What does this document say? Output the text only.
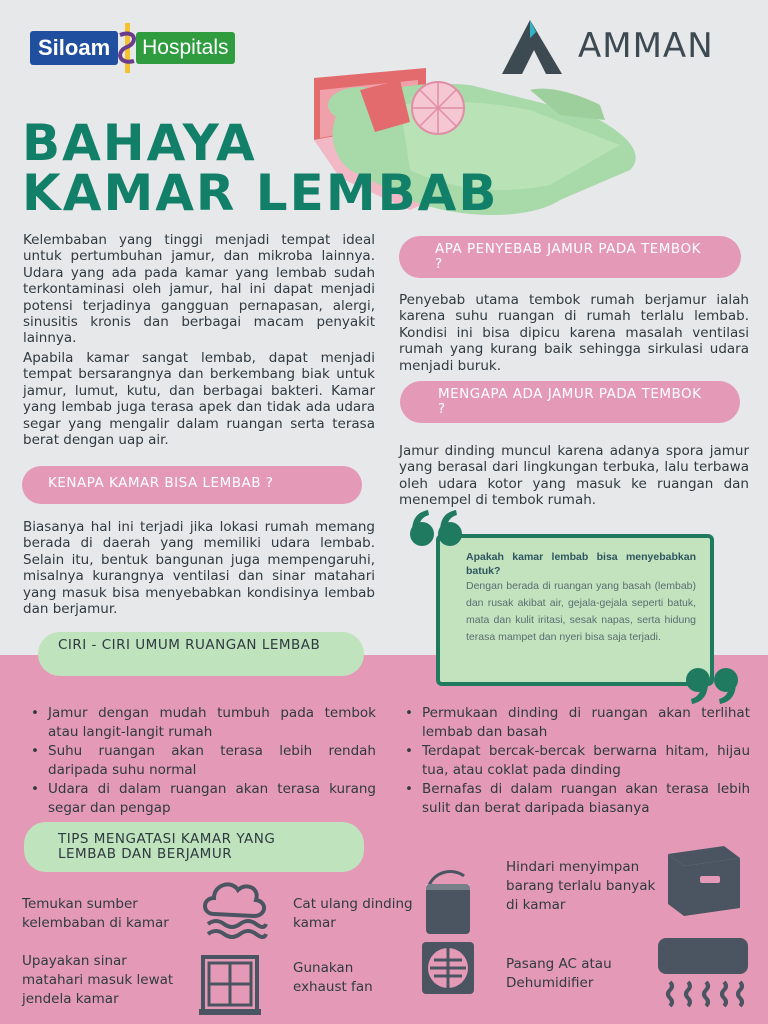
Siloam	Hospitals	AMMAN
BAHAYA
KAMAR LEMBAB

Kelembaban yang tinggi menjadi tempat ideal untuk pertumbuhan jamur, dan mikroba lainnya. Udara yang ada pada kamar yang lembab sudah terkontaminasi oleh jamur, hal ini dapat menjadi potensi terjadinya gangguan pernapasan, alergi, sinusitis kronis dan berbagai macam penyakit lainnya.

Apabila kamar sangat lembab, dapat menjadi tempat bersarangnya dan berkembang biak untuk jamur, lumut, kutu, dan berbagai bakteri. Kamar yang lembab juga terasa apek dan tidak ada udara segar yang mengalir dalam ruangan serta terasa berat dengan uap air.

KENAPA KAMAR BISA LEMBAB ?

Biasanya hal ini terjadi jika lokasi rumah memang berada di daerah yang memiliki udara lembab. Selain itu, bentuk bangunan juga mempengaruhi, misalnya kurangnya ventilasi dan sinar matahari yang masuk bisa menyebabkan kondisinya lembab dan berjamur.

APA PENYEBAB JAMUR PADA TEMBOK ?

Penyebab utama tembok rumah berjamur ialah karena suhu ruangan di rumah terlalu lembab. Kondisi ini bisa dipicu karena masalah ventilasi rumah yang kurang baik sehingga sirkulasi udara menjadi buruk.

MENGAPA ADA JAMUR PADA TEMBOK ?

Jamur dinding muncul karena adanya spora jamur yang berasal dari lingkungan terbuka, lalu terbawa oleh udara kotor yang masuk ke ruangan dan menempel di tembok rumah.

Apakah kamar lembab bisa menyebabkan batuk?

Dengan berada di ruangan yang basah (lembab) dan rusak akibat air, gejala-gejala seperti batuk, mata dan kulit iritasi, sesak napas, serta hidung terasa mampet dan nyeri bisa saja terjadi.

CIRI - CIRI UMUM RUANGAN LEMBAB
• Jamur dengan mudah tumbuh pada tembok atau langit-langit rumah
• Suhu ruangan akan terasa lebih rendah daripada suhu normal
• Udara di dalam ruangan akan terasa kurang segar dan pengap
• Permukaan dinding di ruangan akan terlihat lembab dan basah
• Terdapat bercak-bercak berwarna hitam, hijau tua, atau coklat pada dinding
• Bernafas di dalam ruangan akan terasa lebih sulit dan berat daripada biasanya
TIPS MENGATASI KAMAR YANG LEMBAB DAN BERJAMUR
Temukan sumber kelembaban di kamar
Upayakan sinar matahari masuk lewat jendela kamar
Cat ulang dinding kamar
Gunakan exhaust fan
Hindari menyimpan barang terlalu banyak di kamar
Pasang AC atau Dehumidifier
